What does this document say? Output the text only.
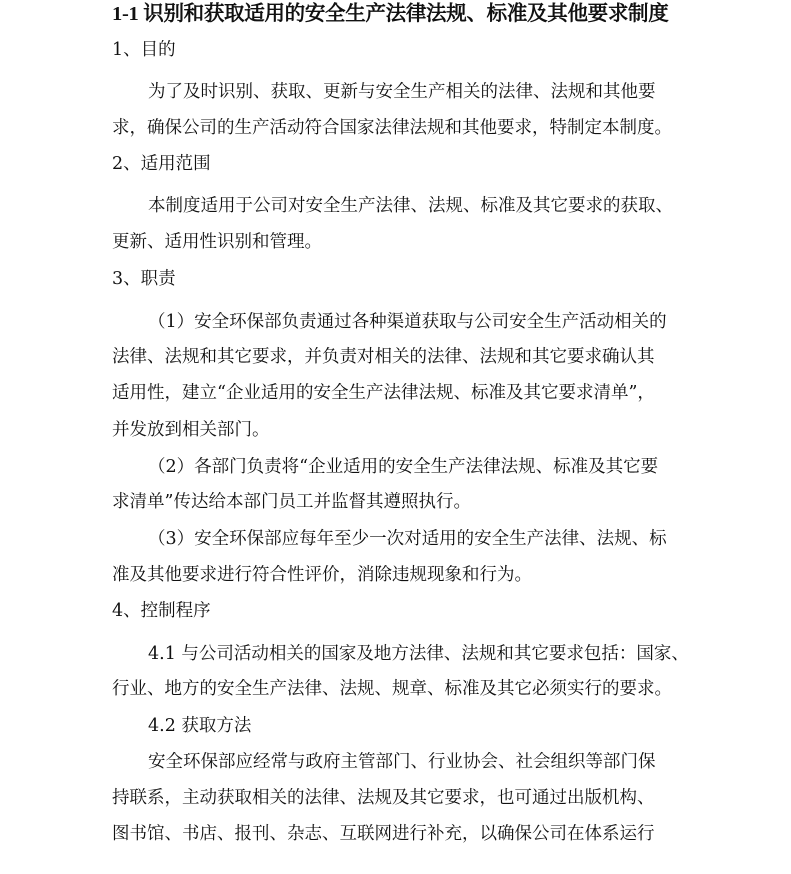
1-1 识别和获取适用的安全生产法律法规、标准及其他要求制度
1、目的
为了及时识别、获取、更新与安全生产相关的法律、法规和其他要
求，确保公司的生产活动符合国家法律法规和其他要求，特制定本制度。
2、适用范围
本制度适用于公司对安全生产法律、法规、标准及其它要求的获取、
更新、适用性识别和管理。
3、职责
（1）安全环保部负责通过各种渠道获取与公司安全生产活动相关的
法律、法规和其它要求，并负责对相关的法律、法规和其它要求确认其
适用性，建立“企业适用的安全生产法律法规、标准及其它要求清单”，
并发放到相关部门。
（2）各部门负责将“企业适用的安全生产法律法规、标准及其它要
求清单”传达给本部门员工并监督其遵照执行。
（3）安全环保部应每年至少一次对适用的安全生产法律、法规、标
准及其他要求进行符合性评价，消除违规现象和行为。
4、控制程序
4.1 与公司活动相关的国家及地方法律、法规和其它要求包括：国家、
行业、地方的安全生产法律、法规、规章、标准及其它必须实行的要求。
4.2 获取方法
安全环保部应经常与政府主管部门、行业协会、社会组织等部门保
持联系，主动获取相关的法律、法规及其它要求，也可通过出版机构、
图书馆、书店、报刊、杂志、互联网进行补充，以确保公司在体系运行
